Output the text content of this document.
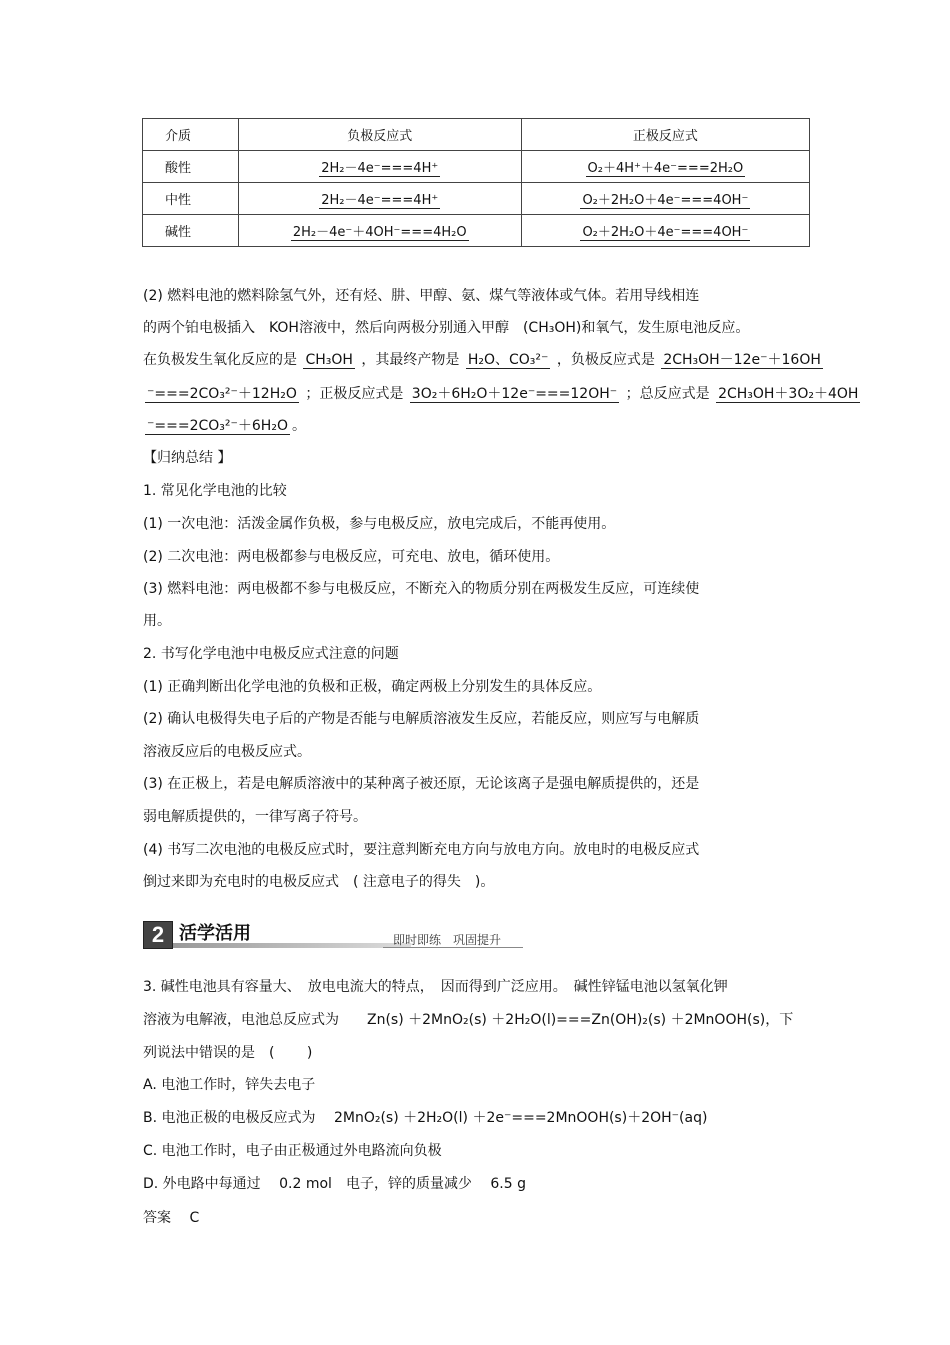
介质	负极反应式	正极反应式
酸性	2H₂－4e⁻===4H⁺	O₂＋4H⁺＋4e⁻===2H₂O
中性	2H₂－4e⁻===4H⁺	O₂＋2H₂O＋4e⁻===4OH⁻
碱性	2H₂－4e⁻＋4OH⁻===4H₂O	O₂＋2H₂O＋4e⁻===4OH⁻
(2) 燃料电池的燃料除氢气外，还有烃、肼、甲醇、氨、煤气等液体或气体。若用导线相连
的两个铂电极插入　KOH溶液中，然后向两极分别通入甲醇　(CH₃OH)和氧气，发生原电池反应。
在负极发生氧化反应的是 CH₃OH ，其最终产物是 H₂O、CO₃²⁻ ，负极反应式是 2CH₃OH－12e⁻＋16OH
⁻===2CO₃²⁻＋12H₂O ；正极反应式是 3O₂＋6H₂O＋12e⁻===12OH⁻ ；总反应式是 2CH₃OH＋3O₂＋4OH
⁻===2CO₃²⁻＋6H₂O 。
【归纳总结 】
1. 常见化学电池的比较
(1) 一次电池：活泼金属作负极，参与电极反应，放电完成后，不能再使用。
(2) 二次电池：两电极都参与电极反应，可充电、放电，循环使用。
(3) 燃料电池：两电极都不参与电极反应，不断充入的物质分别在两极发生反应，可连续使
用。
2. 书写化学电池中电极反应式注意的问题
(1) 正确判断出化学电池的负极和正极，确定两极上分别发生的具体反应。
(2) 确认电极得失电子后的产物是否能与电解质溶液发生反应，若能反应，则应写与电解质
溶液反应后的电极反应式。
(3) 在正极上，若是电解质溶液中的某种离子被还原，无论该离子是强电解质提供的，还是
弱电解质提供的，一律写离子符号。
(4) 书写二次电池的电极反应式时，要注意判断充电方向与放电方向。放电时的电极反应式
倒过来即为充电时的电极反应式　( 注意电子的得失　)。
2 活学活用	即时即练　巩固提升
3. 碱性电池具有容量大、　放电电流大的特点，　因而得到广泛应用。　碱性锌锰电池以氢氧化钾
溶液为电解液，电池总反应式为　　Zn(s) ＋2MnO₂(s) ＋2H₂O(l)===Zn(OH)₂(s) ＋2MnOOH(s)，下
列说法中错误的是　(　　 )
A. 电池工作时，锌失去电子
B. 电池正极的电极反应式为　 2MnO₂(s) ＋2H₂O(l) ＋2e⁻===2MnOOH(s)＋2OH⁻(aq)
C. 电池工作时，电子由正极通过外电路流向负极
D. 外电路中每通过　 0.2 mol　电子，锌的质量减少　 6.5 g
答案　 C
